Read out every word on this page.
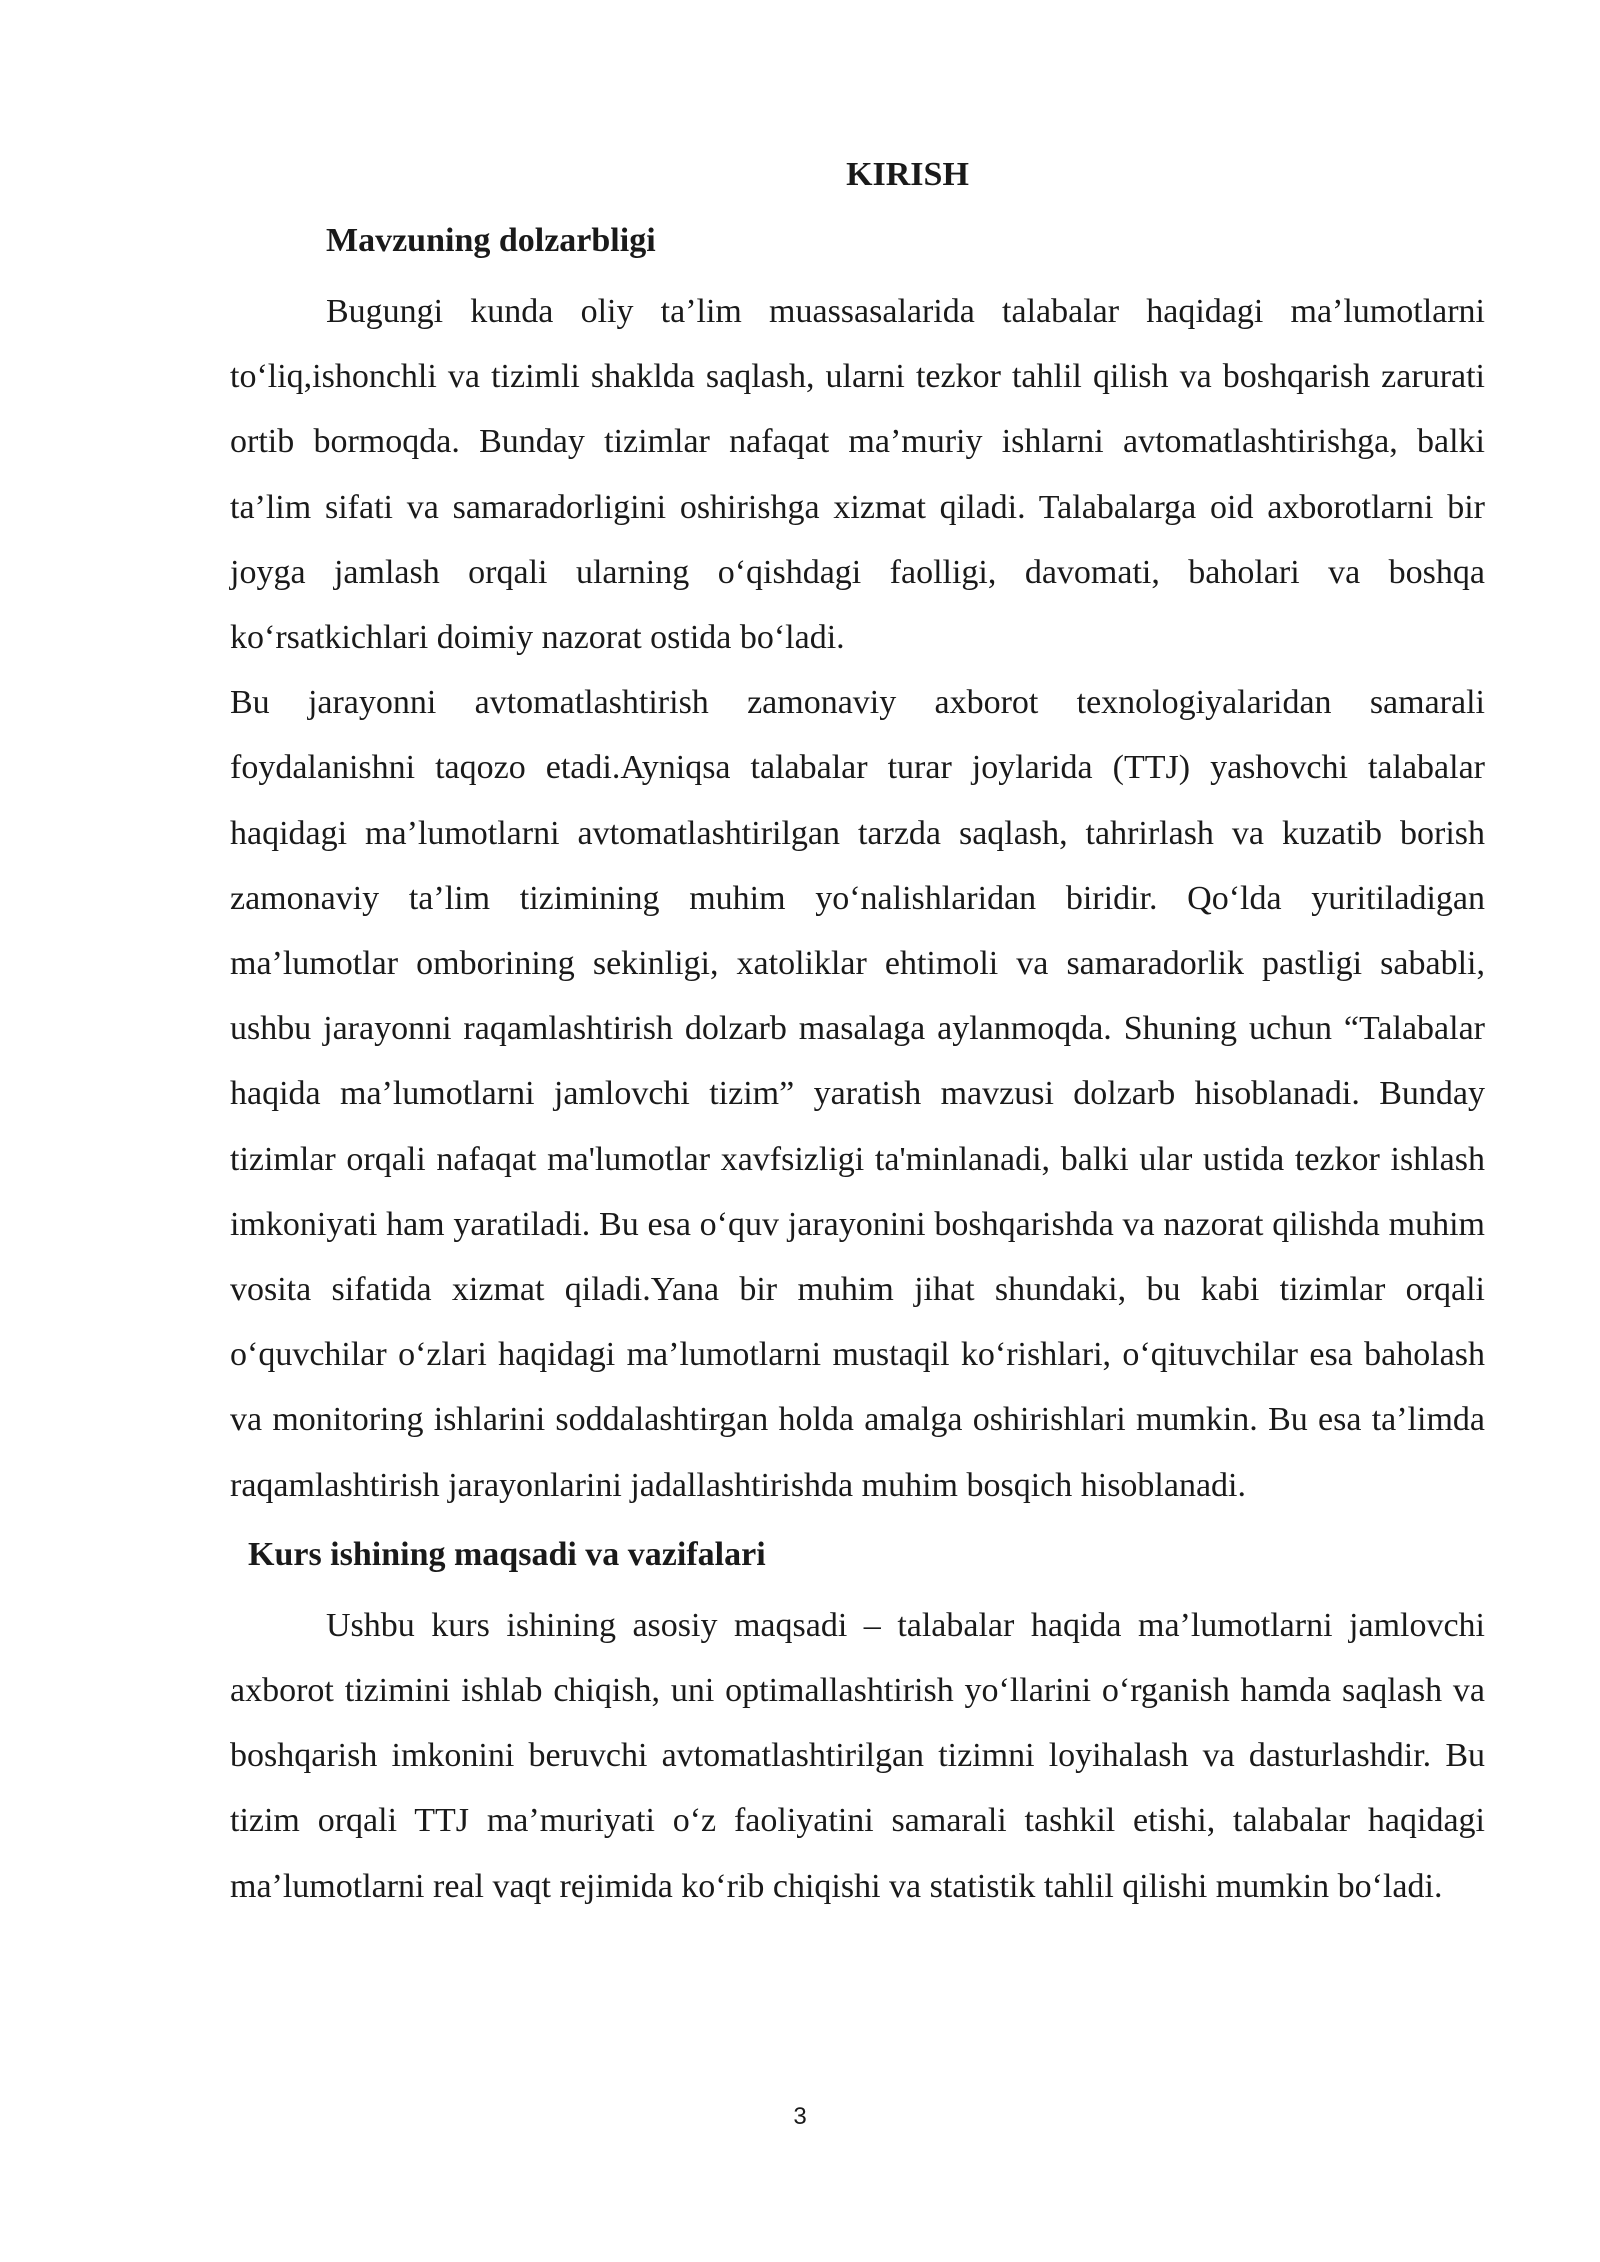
KIRISH
Mavzuning dolzarbligi

Bugungi kunda oliy ta’lim muassasalarida talabalar haqidagi ma’lumotlarni to‘liq,ishonchli va tizimli shaklda saqlash, ularni tezkor tahlil qilish va boshqarish zarurati ortib bormoqda. Bunday tizimlar nafaqat ma’muriy ishlarni avtomatlashtirishga, balki ta’lim sifati va samaradorligini oshirishga xizmat qiladi. Talabalarga oid axborotlarni bir joyga jamlash orqali ularning o‘qishdagi faolligi, davomati, baholari va boshqa ko‘rsatkichlari doimiy nazorat ostida bo‘ladi.

Bu jarayonni avtomatlashtirish zamonaviy axborot texnologiyalaridan samarali foydalanishni taqozo etadi.Ayniqsa talabalar turar joylarida (TTJ) yashovchi talabalar haqidagi ma’lumotlarni avtomatlashtirilgan tarzda saqlash, tahrirlash va kuzatib borish zamonaviy ta’lim tizimining muhim yo‘nalishlaridan biridir. Qo‘lda yuritiladigan ma’lumotlar omborining sekinligi, xatoliklar ehtimoli va samaradorlik pastligi sababli, ushbu jarayonni raqamlashtirish dolzarb masalaga aylanmoqda. Shuning uchun “Talabalar haqida ma’lumotlarni jamlovchi tizim” yaratish mavzusi dolzarb hisoblanadi. Bunday tizimlar orqali nafaqat ma'lumotlar xavfsizligi ta'minlanadi, balki ular ustida tezkor ishlash imkoniyati ham yaratiladi. Bu esa o‘quv jarayonini boshqarishda va nazorat qilishda muhim vosita sifatida xizmat qiladi.Yana bir muhim jihat shundaki, bu kabi tizimlar orqali o‘quvchilar o‘zlari haqidagi ma’lumotlarni mustaqil ko‘rishlari, o‘qituvchilar esa baholash va monitoring ishlarini soddalashtirgan holda amalga oshirishlari mumkin. Bu esa ta’limda raqamlashtirish jarayonlarini jadallashtirishda muhim bosqich hisoblanadi.

Kurs ishining maqsadi va vazifalari

Ushbu kurs ishining asosiy maqsadi – talabalar haqida ma’lumotlarni jamlovchi axborot tizimini ishlab chiqish, uni optimallashtirish yo‘llarini o‘rganish hamda saqlash va boshqarish imkonini beruvchi avtomatlashtirilgan tizimni loyihalash va dasturlashdir. Bu tizim orqali TTJ ma’muriyati o‘z faoliyatini samarali tashkil etishi, talabalar haqidagi ma’lumotlarni real vaqt rejimida ko‘rib chiqishi va statistik tahlil qilishi mumkin bo‘ladi.

3
